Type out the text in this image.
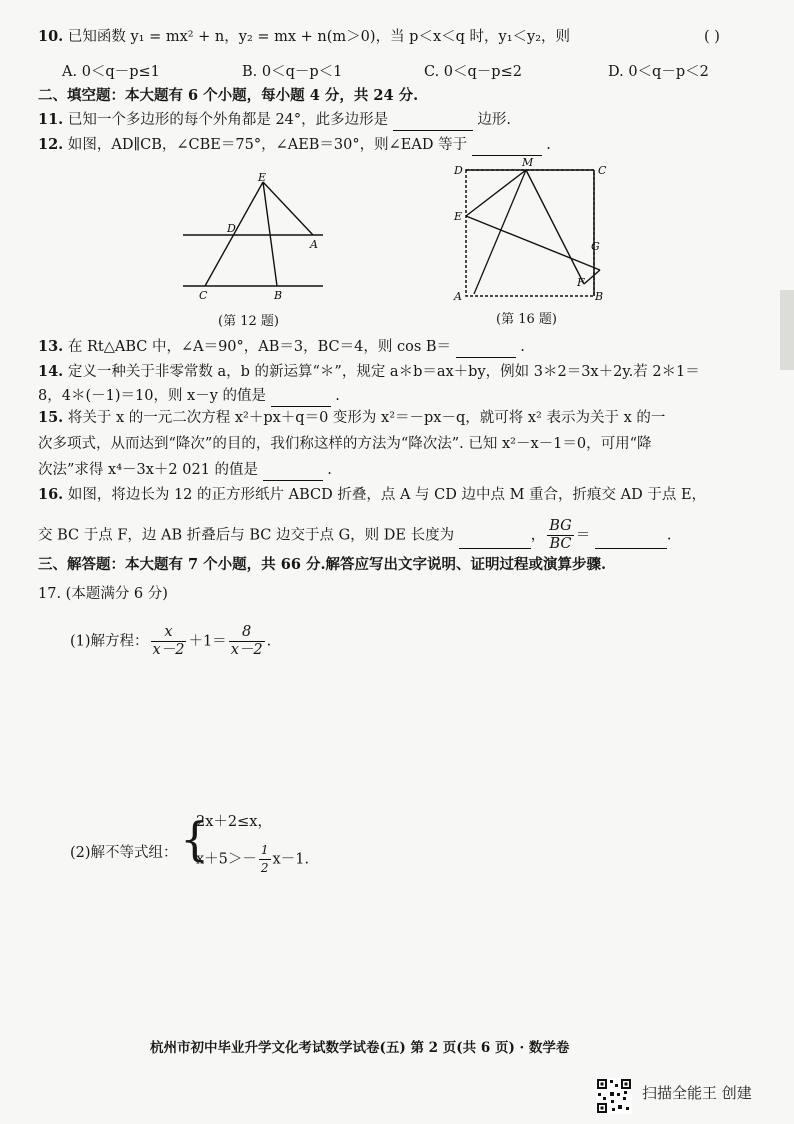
10. 已知函数 y₁ = mx² + n，y₂ = mx + n(m＞0)，当 p＜x＜q 时，y₁＜y₂，则	( )
A. 0＜q－p≤1	B. 0＜q－p＜1	C. 0＜q－p≤2	D. 0＜q－p＜2
二、填空题：本大题有 6 个小题，每小题 4 分，共 24 分.
11. 已知一个多边形的每个外角都是 24°，此多边形是	边形.
12. 如图，AD∥CB，∠CBE＝75°，∠AEB＝30°，则∠EAD 等于	.
E
D
A
C	B
(第 12 题)
D
M
C
E
G
F
A	B
(第 16 题)
13. 在 Rt△ABC 中，∠A＝90°，AB＝3，BC＝4，则 cos B＝	.
14. 定义一种关于非零常数 a，b 的新运算“＊”，规定 a＊b＝ax＋by，例如 3＊2＝3x＋2y.若 2＊1＝
8，4＊(－1)＝10，则 x－y 的值是	.
15. 将关于 x 的一元二次方程 x²＋px＋q＝0 变形为 x²＝－px－q，就可将 x² 表示为关于 x 的一
次多项式，从而达到“降次”的目的，我们称这样的方法为“降次法”. 已知 x²－x－1＝0，可用“降
次法”求得 x⁴－3x＋2 021 的值是	.
16. 如图，将边长为 12 的正方形纸片 ABCD 折叠，点 A 与 CD 边中点 M 重合，折痕交 AD 于点 E，
交 BC 于点 F，边 AB 折叠后与 BC 边交于点 G，则 DE 长度为	， $\frac{BG}{BC}$ ＝	.
三、解答题：本大题有 7 个小题，共 66 分.解答应写出文字说明、证明过程或演算步骤.
17. (本题满分 6 分)
(1)解方程： $\frac{x}{x-2} +1= \frac{8}{x-2}$ .
(2)解不等式组： {
2x＋2≤x，
$x+5>- \frac{1}{2} x-1$.
杭州市初中毕业升学文化考试数学试卷(五) 第 2 页(共 6 页) · 数学卷
扫描全能王 创建
